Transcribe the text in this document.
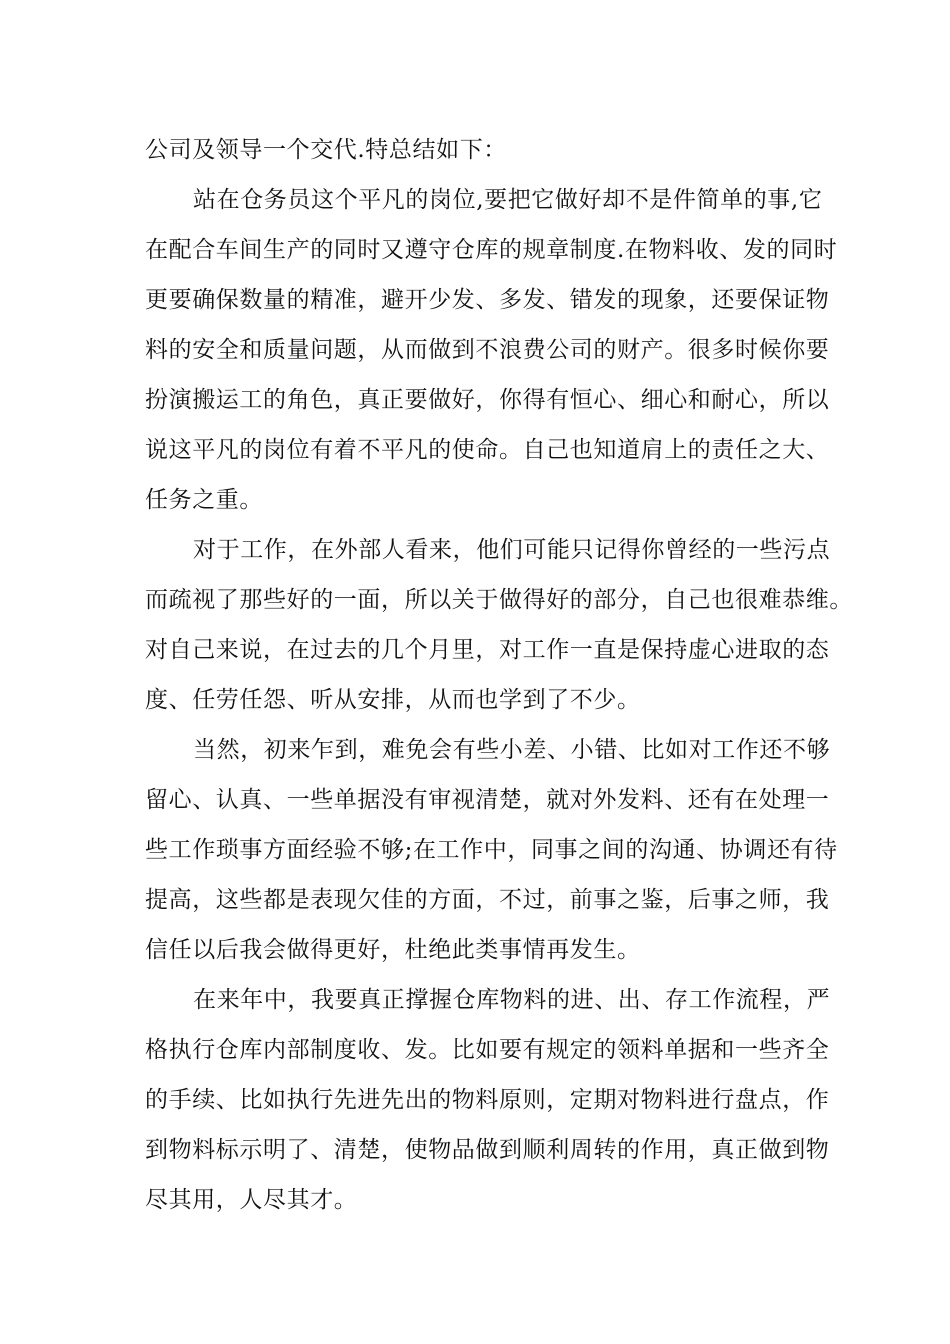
公司及领导一个交代.特总结如下：
站在仓务员这个平凡的岗位,要把它做好却不是件简单的事,它
在配合车间生产的同时又遵守仓库的规章制度.在物料收、发的同时
更要确保数量的精准，避开少发、多发、错发的现象，还要保证物
料的安全和质量问题，从而做到不浪费公司的财产。很多时候你要
扮演搬运工的角色，真正要做好，你得有恒心、细心和耐心，所以
说这平凡的岗位有着不平凡的使命。自己也知道肩上的责任之大、
任务之重。
对于工作，在外部人看来，他们可能只记得你曾经的一些污点
而疏视了那些好的一面，所以关于做得好的部分，自己也很难恭维。
对自己来说，在过去的几个月里，对工作一直是保持虚心进取的态
度、任劳任怨、听从安排，从而也学到了不少。
当然，初来乍到，难免会有些小差、小错、比如对工作还不够
留心、认真、一些单据没有审视清楚，就对外发料、还有在处理一
些工作琐事方面经验不够;在工作中，同事之间的沟通、协调还有待
提高，这些都是表现欠佳的方面，不过，前事之鉴，后事之师，我
信任以后我会做得更好，杜绝此类事情再发生。
在来年中，我要真正撑握仓库物料的进、出、存工作流程，严
格执行仓库内部制度收、发。比如要有规定的领料单据和一些齐全
的手续、比如执行先进先出的物料原则，定期对物料进行盘点，作
到物料标示明了、清楚，使物品做到顺利周转的作用，真正做到物
尽其用，人尽其才。
